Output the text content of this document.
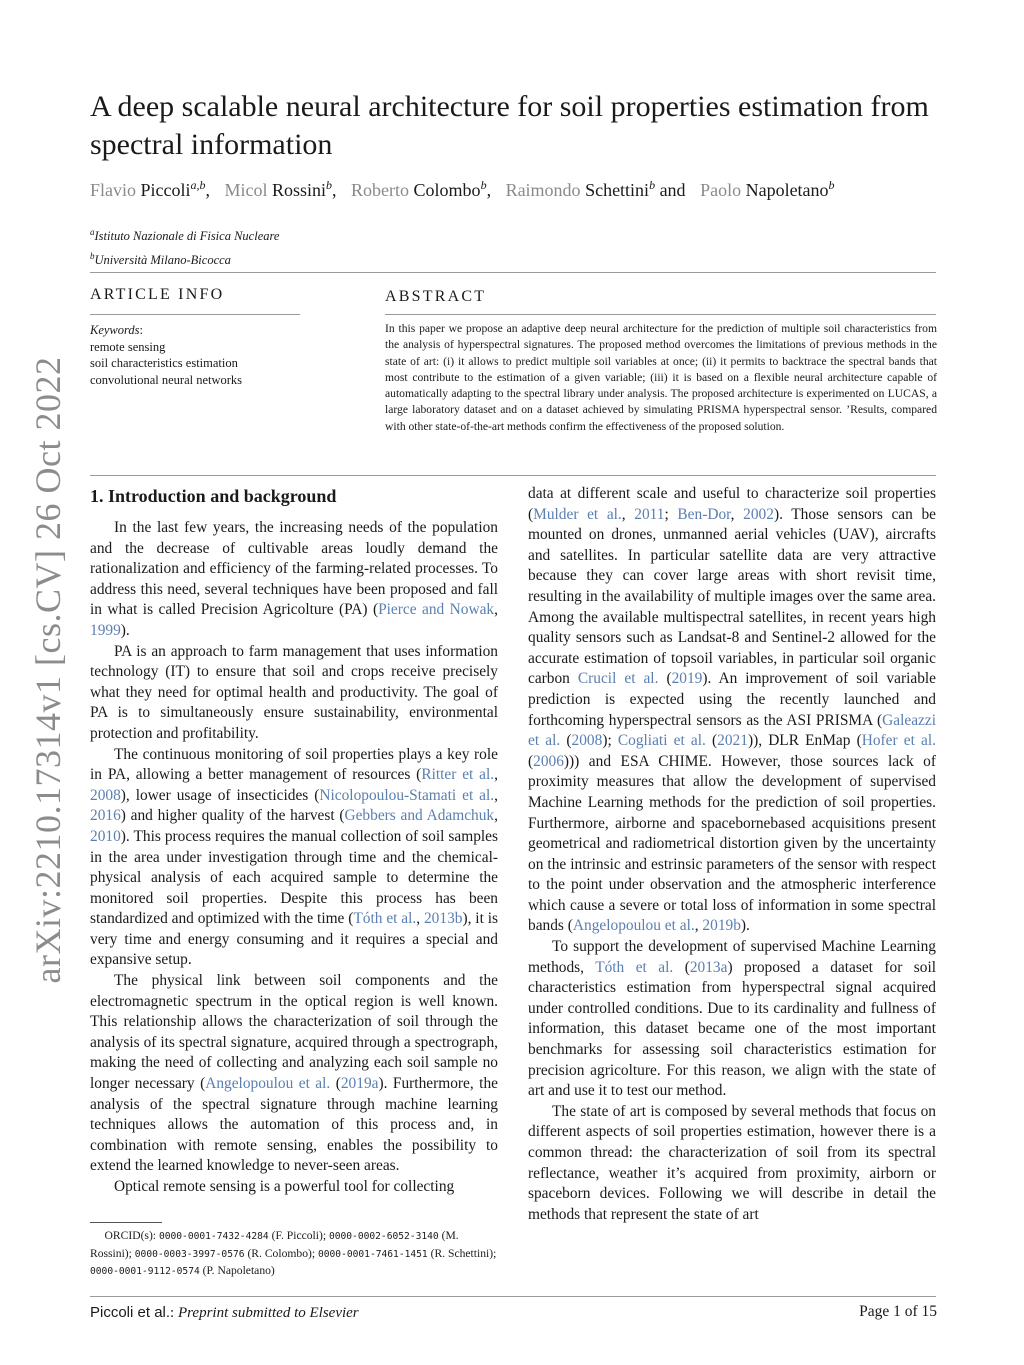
arXiv:2210.17314v1 [cs.CV] 26 Oct 2022
A deep scalable neural architecture for soil properties estimation from spectral information
Flavio Piccoli$^{a,b}$, Micol Rossini$^b$, Roberto Colombo$^b$, Raimondo Schettini$^b$ and Paolo Napoletano$^b$
$^a$Istituto Nazionale di Fisica Nucleare
$^b$Università Milano-Bicocca
ARTICLE INFO
Keywords:
remote sensing
soil characteristics estimation
convolutional neural networks
ABSTRACT
In this paper we propose an adaptive deep neural architecture for the prediction of multiple soil characteristics from the analysis of hyperspectral signatures. The proposed method overcomes the limitations of previous methods in the state of art: (i) it allows to predict multiple soil variables at once; (ii) it permits to backtrace the spectral bands that most contribute to the estimation of a given variable; (iii) it is based on a flexible neural architecture capable of automatically adapting to the spectral library under analysis. The proposed architecture is experimented on LUCAS, a large laboratory dataset and on a dataset achieved by simulating PRISMA hyperspectral sensor. ’Results, compared with other state-of-the-art methods confirm the effectiveness of the proposed solution.
1. Introduction and background

In the last few years, the increasing needs of the population and the decrease of cultivable areas loudly demand the rationalization and efficiency of the farming-related processes. To address this need, several techniques have been proposed and fall in what is called Precision Agricolture (PA) (Pierce and Nowak, 1999).

PA is an approach to farm management that uses information technology (IT) to ensure that soil and crops receive precisely what they need for optimal health and productivity. The goal of PA is to simultaneously ensure sustainability, environmental protection and profitability.

The continuous monitoring of soil properties plays a key role in PA, allowing a better management of resources (Ritter et al., 2008), lower usage of insecticides (Nicolopoulou-Stamati et al., 2016) and higher quality of the harvest (Gebbers and Adamchuk, 2010). This process requires the manual collection of soil samples in the area under investigation through time and the chemical-physical analysis of each acquired sample to determine the monitored soil properties. Despite this process has been standardized and optimized with the time (Tóth et al., 2013b), it is very time and energy consuming and it requires a special and expansive setup.

The physical link between soil components and the electromagnetic spectrum in the optical region is well known. This relationship allows the characterization of soil through the analysis of its spectral signature, acquired through a spectrograph, making the need of collecting and analyzing each soil sample no longer necessary (Angelopoulou et al. (2019a). Furthermore, the analysis of the spectral signature through machine learning techniques allows the automation of this process and, in combination with remote sensing, enables the possibility to extend the learned knowledge to never-seen areas.

Optical remote sensing is a powerful tool for collecting

data at different scale and useful to characterize soil properties (Mulder et al., 2011; Ben-Dor, 2002). Those sensors can be mounted on drones, unmanned aerial vehicles (UAV), aircrafts and satellites. In particular satellite data are very attractive because they can cover large areas with short revisit time, resulting in the availability of multiple images over the same area. Among the available multispectral satellites, in recent years high quality sensors such as Landsat-8 and Sentinel-2 allowed for the accurate estimation of topsoil variables, in particular soil organic carbon Crucil et al. (2019). An improvement of soil variable prediction is expected using the recently launched and forthcoming hyperspectral sensors as the ASI PRISMA (Galeazzi et al. (2008); Cogliati et al. (2021)), DLR EnMap (Hofer et al. (2006))) and ESA CHIME. However, those sources lack of proximity measures that allow the development of supervised Machine Learning methods for the prediction of soil properties. Furthermore, airborne and spacebornebased acquisitions present geometrical and radiometrical distortion given by the uncertainty on the intrinsic and estrinsic parameters of the sensor with respect to the point under observation and the atmospheric interference which cause a severe or total loss of information in some spectral bands (Angelopoulou et al., 2019b).

To support the development of supervised Machine Learning methods, Tóth et al. (2013a) proposed a dataset for soil characteristics estimation from hyperspectral signal acquired under controlled conditions. Due to its cardinality and fullness of information, this dataset became one of the most important benchmarks for assessing soil characteristics estimation for precision agricolture. For this reason, we align with the state of art and use it to test our method.

The state of art is composed by several methods that focus on different aspects of soil properties estimation, however there is a common thread: the characterization of soil from its spectral reflectance, weather it’s acquired from proximity, airborn or spaceborn devices. Following we will describe in detail the methods that represent the state of art

ORCID(s): 0000-0001-7432-4284 (F. Piccoli); 0000-0002-6052-3140 (M. Rossini); 0000-0003-3997-0576 (R. Colombo); 0000-0001-7461-1451 (R. Schettini); 0000-0001-9112-0574 (P. Napoletano)
Piccoli et al.: Preprint submitted to Elsevier	Page 1 of 15
